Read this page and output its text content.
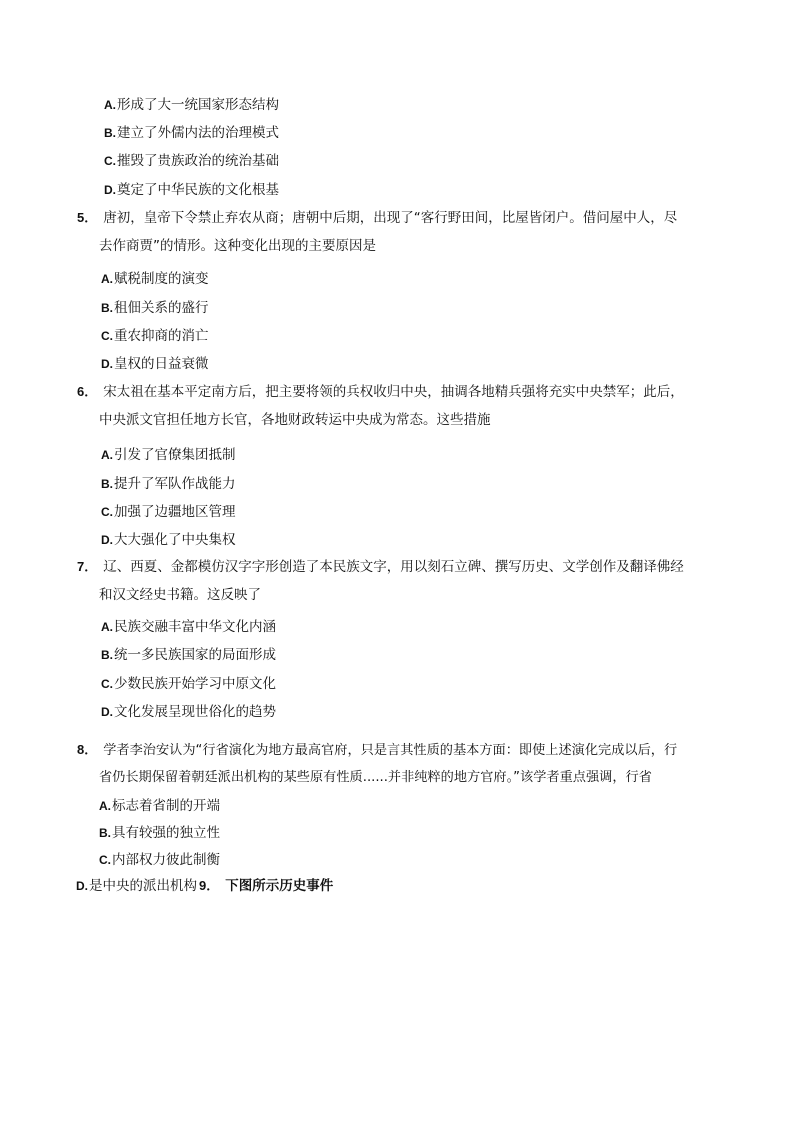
A.形成了大一统国家形态结构
B.建立了外儒内法的治理模式
C.摧毁了贵族政治的统治基础
D.奠定了中华民族的文化根基
5． 唐初，皇帝下令禁止弃农从商；唐朝中后期，出现了“客行野田间，比屋皆闭户。借问屋中人，尽
去作商贾”的情形。这种变化出现的主要原因是
A.赋税制度的演变
B.租佃关系的盛行
C.重农抑商的消亡
D.皇权的日益衰微
6． 宋太祖在基本平定南方后，把主要将领的兵权收归中央，抽调各地精兵强将充实中央禁军；此后，
中央派文官担任地方长官，各地财政转运中央成为常态。这些措施
A.引发了官僚集团抵制
B.提升了军队作战能力
C.加强了边疆地区管理
D.大大强化了中央集权
7． 辽、西夏、金都模仿汉字字形创造了本民族文字，用以刻石立碑、撰写历史、文学创作及翻译佛经
和汉文经史书籍。这反映了
A.民族交融丰富中华文化内涵
B.统一多民族国家的局面形成
C.少数民族开始学习中原文化
D.文化发展呈现世俗化的趋势
8． 学者李治安认为“行省演化为地方最高官府，只是言其性质的基本方面：即使上述演化完成以后，行
省仍长期保留着朝廷派出机构的某些原有性质......并非纯粹的地方官府。”该学者重点强调，行省
A.标志着省制的开端
B.具有较强的独立性
C.内部权力彼此制衡
D.是中央的派出机构 9． 下图所示历史事件
